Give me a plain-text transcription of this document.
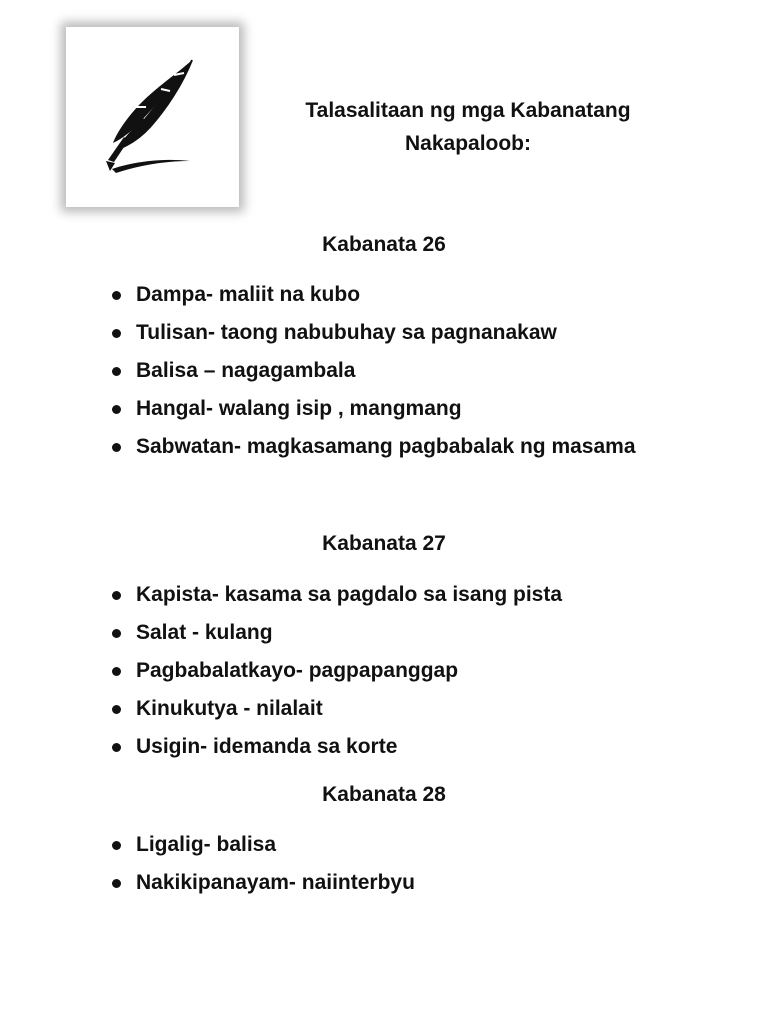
Talasalitaan ng mga Kabanatang
Nakapaloob:
Kabanata 26
Dampa- maliit na kubo
Tulisan- taong nabubuhay sa pagnanakaw
Balisa – nagagambala
Hangal- walang isip , mangmang
Sabwatan- magkasamang pagbabalak ng masama
Kabanata 27
Kapista- kasama sa pagdalo sa isang pista
Salat - kulang
Pagbabalatkayo- pagpapanggap
Kinukutya - nilalait
Usigin- idemanda sa korte
Kabanata 28
Ligalig- balisa
Nakikipanayam- naiinterbyu
